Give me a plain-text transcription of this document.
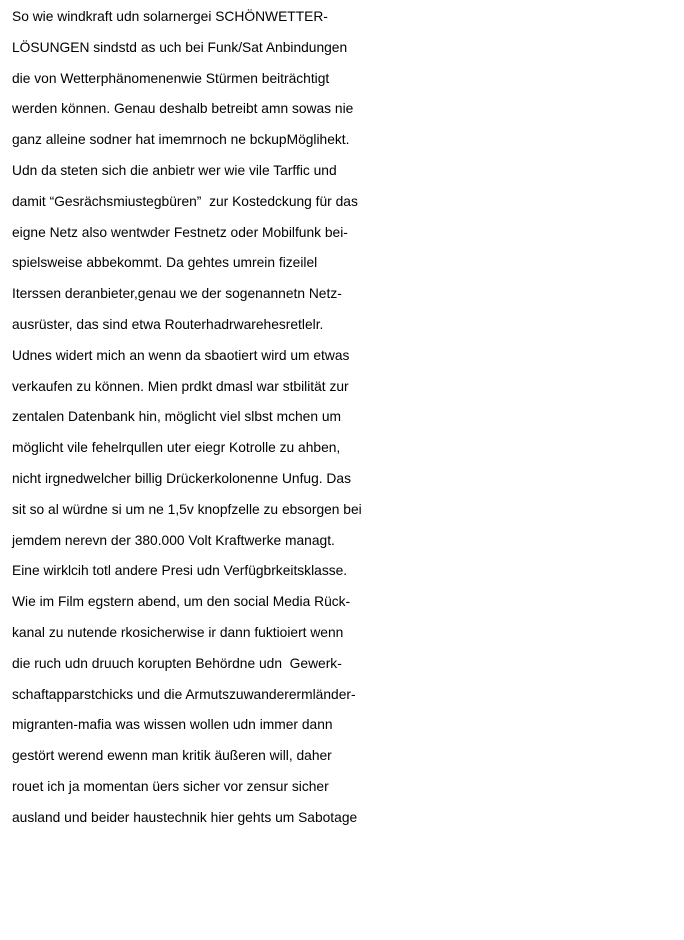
So wie windkraft udn solarnergei SCHÖNWETTER-
LÖSUNGEN sindstd as uch bei Funk/Sat Anbindungen
die von Wetterphänomenenwie Stürmen beiträchtigt
werden können. Genau deshalb betreibt amn sowas nie
ganz alleine sodner hat imemrnoch ne bckupMöglihekt.
Udn da steten sich die anbietr wer wie vile Tarffic und
damit “Gesrächsmiustegbüren”  zur Kostedckung für das
eigne Netz also wentwder Festnetz oder Mobilfunk bei-
spielsweise abbekommt. Da gehtes umrein fizeilel
Iterssen deranbieter,genau we der sogenannetn Netz-
ausrüster, das sind etwa Routerhadrwarehesretlelr.
Udnes widert mich an wenn da sbaotiert wird um etwas
verkaufen zu können. Mien prdkt dmasl war stbilität zur
zentalen Datenbank hin, möglicht viel slbst mchen um
möglicht vile fehelrqullen uter eiegr Kotrolle zu ahben,
nicht irgnedwelcher billig Drückerkolonenne Unfug. Das
sit so al würdne si um ne 1,5v knopfzelle zu ebsorgen bei
jemdem nerevn der 380.000 Volt Kraftwerke managt.
Eine wirklcih totl andere Presi udn Verfügbrkeitsklasse.
Wie im Film egstern abend, um den social Media Rück-
kanal zu nutende rkosicherwise ir dann fuktioiert wenn
die ruch udn druuch korupten Behördne udn  Gewerk-
schaftapparstchicks und die Armutszuwanderermländer-
migranten-mafia was wissen wollen udn immer dann
gestört werend ewenn man kritik äußeren will, daher
rouet ich ja momentan üers sicher vor zensur sicher
ausland und beider haustechnik hier gehts um Sabotage
